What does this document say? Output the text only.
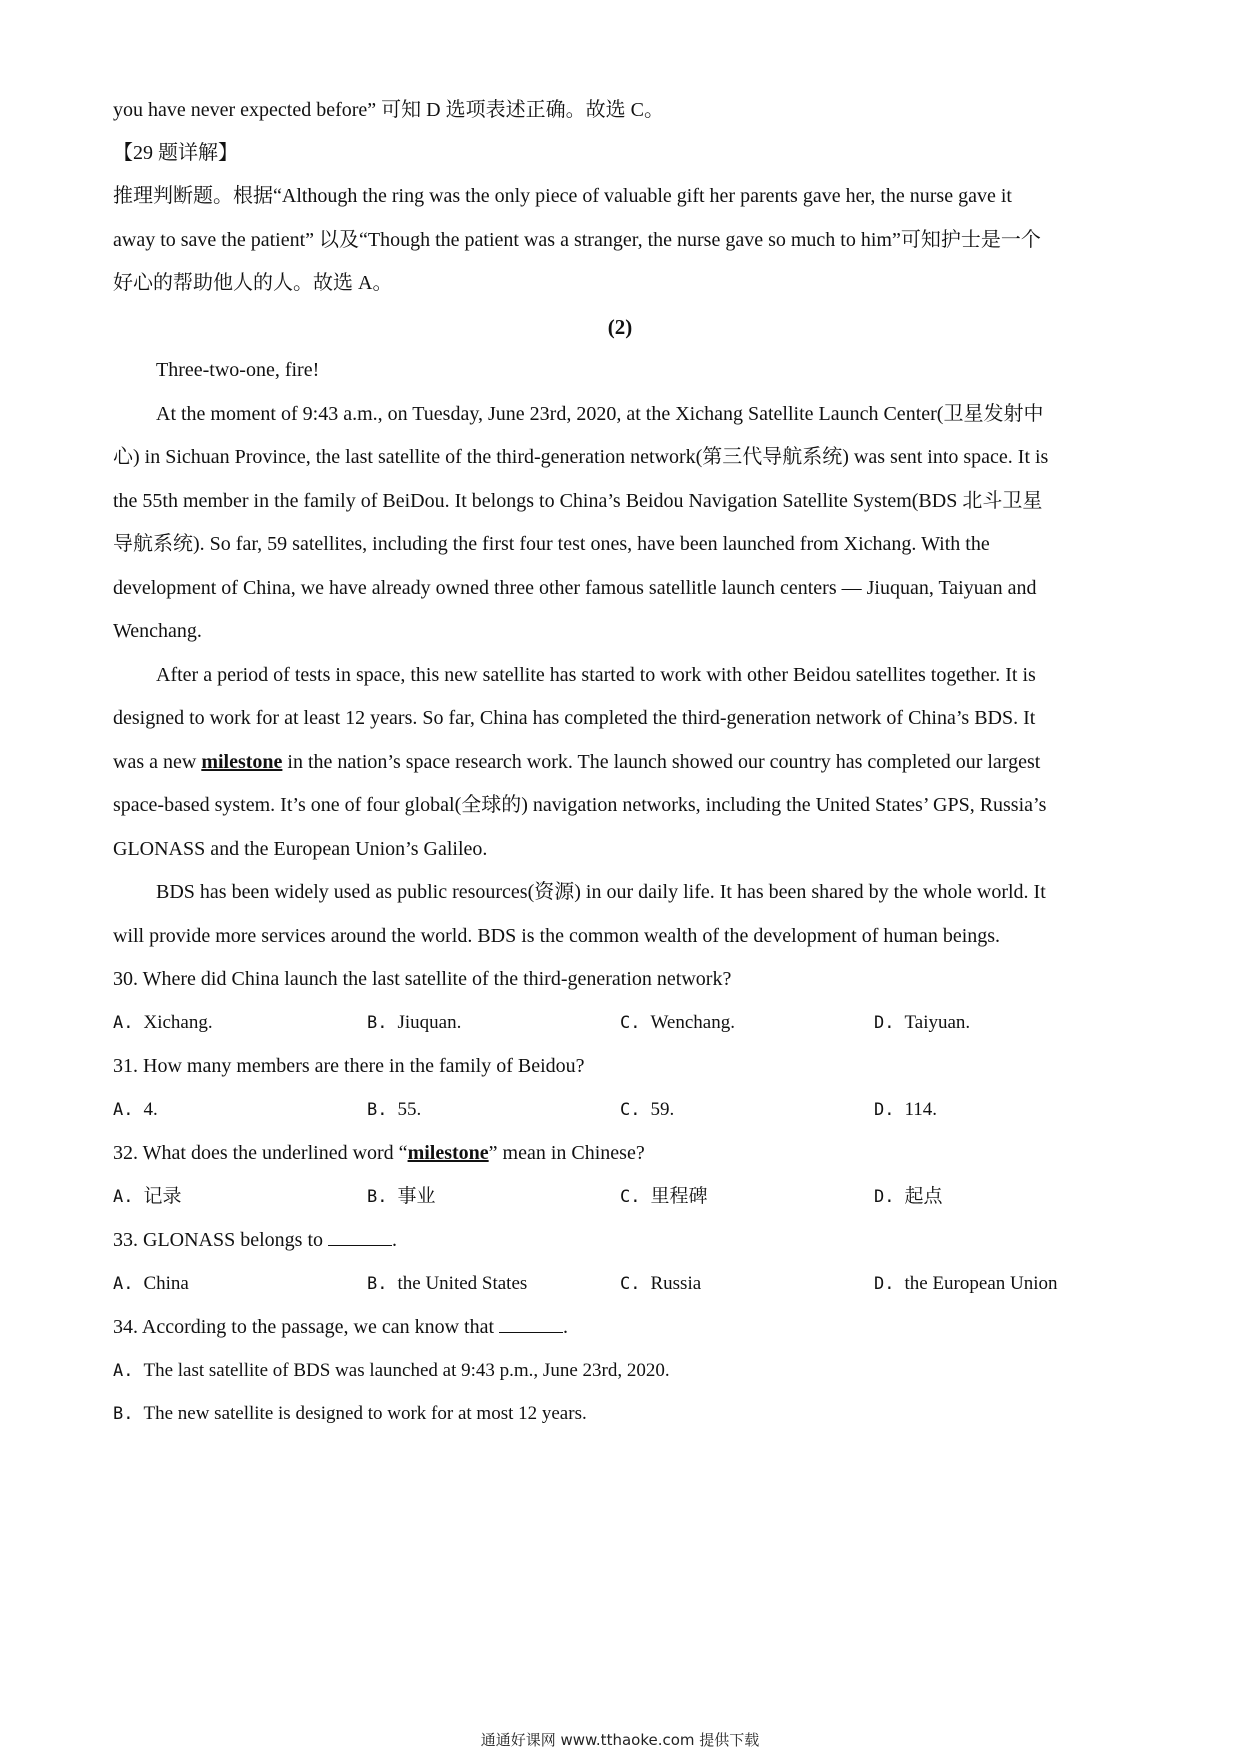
you have never expected before” 可知 D 选项表述正确。故选 C。
【29 题详解】
推理判断题。根据“Although the ring was the only piece of valuable gift her parents gave her, the nurse gave it
away to save the patient” 以及“Though the patient was a stranger, the nurse gave so much to him”可知护士是一个
好心的帮助他人的人。故选 A。
(2)
Three-two-one, fire!
At the moment of 9:43 a.m., on Tuesday, June 23rd, 2020, at the Xichang Satellite Launch Center(卫星发射中
心) in Sichuan Province, the last satellite of the third-generation network(第三代导航系统) was sent into space. It is
the 55th member in the family of BeiDou. It belongs to China’s Beidou Navigation Satellite System(BDS 北斗卫星
导航系统). So far, 59 satellites, including the first four test ones, have been launched from Xichang. With the
development of China, we have already owned three other famous satellitle launch centers — Jiuquan, Taiyuan and
Wenchang.
After a period of tests in space, this new satellite has started to work with other Beidou satellites together. It is
designed to work for at least 12 years. So far, China has completed the third-generation network of China’s BDS. It
was a new milestone in the nation’s space research work. The launch showed our country has completed our largest
space-based system. It’s one of four global(全球的) navigation networks, including the United States’ GPS, Russia’s
GLONASS and the European Union’s Galileo.
BDS has been widely used as public resources(资源) in our daily life. It has been shared by the whole world. It
will provide more services around the world. BDS is the common wealth of the development of human beings.
30. Where did China launch the last satellite of the third-generation network?
A. Xichang.	B. Jiuquan.	C. Wenchang.	D. Taiyuan.
31. How many members are there in the family of Beidou?
A. 4.	B. 55.	C. 59.	D. 114.
32. What does the underlined word “milestone” mean in Chinese?
A. 记录	B. 事业	C. 里程碑	D. 起点
33. GLONASS belongs to	.
A. China	B. the United States	C. Russia	D. the European Union
34. According to the passage, we can know that	.
A. The last satellite of BDS was launched at 9:43 p.m., June 23rd, 2020.
B. The new satellite is designed to work for at most 12 years.
通通好课网 www.tthaoke.com 提供下载
